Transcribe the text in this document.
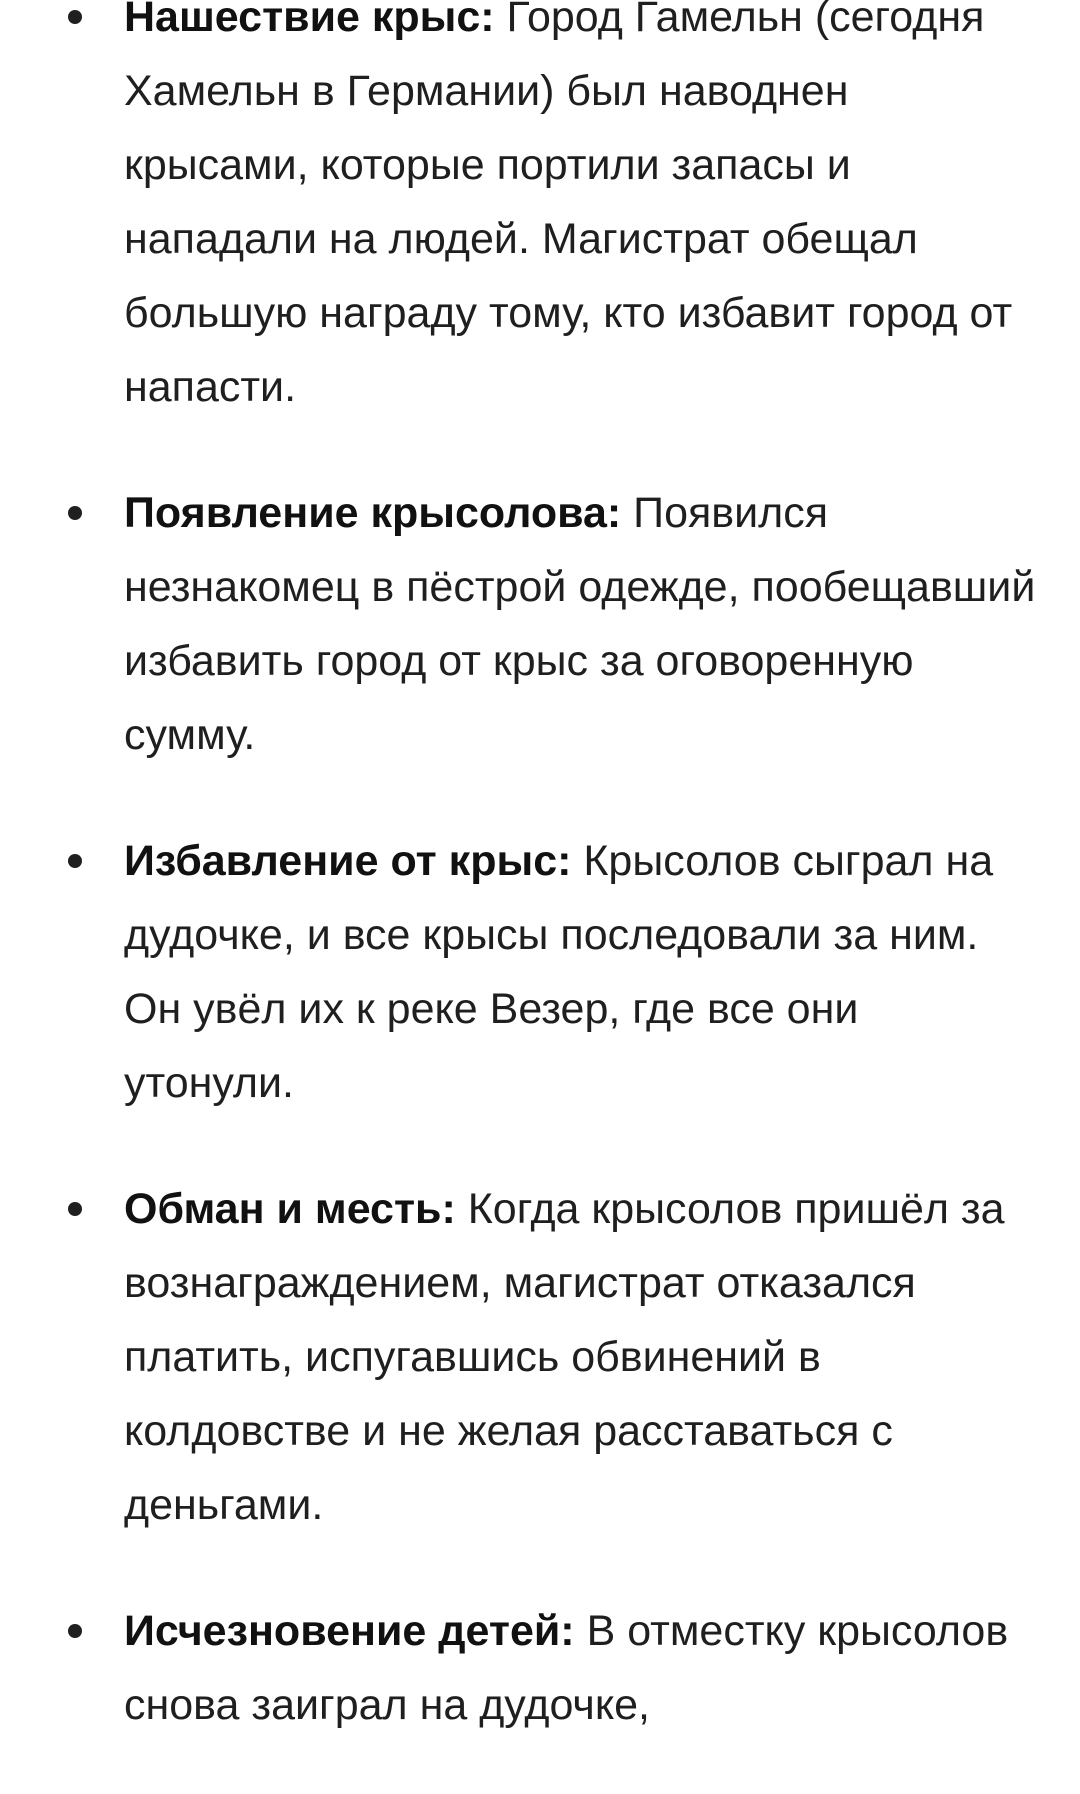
Нашествие крыс: Город Гамельн (сегодня Хамельн в Германии) был наводнен крысами, которые портили запасы и нападали на людей. Магистрат обещал большую награду тому, кто избавит город от напасти.
Появление крысолова: Появился незнакомец в пёстрой одежде, пообещавший избавить город от крыс за оговоренную сумму.
Избавление от крыс: Крысолов сыграл на дудочке, и все крысы последовали за ним. Он увёл их к реке Везер, где все они утонули.
Обман и месть: Когда крысолов пришёл за вознаграждением, магистрат отказался платить, испугавшись обвинений в колдовстве и не желая расставаться с деньгами.
Исчезновение детей: В отместку крысолов снова заиграл на дудочке,
